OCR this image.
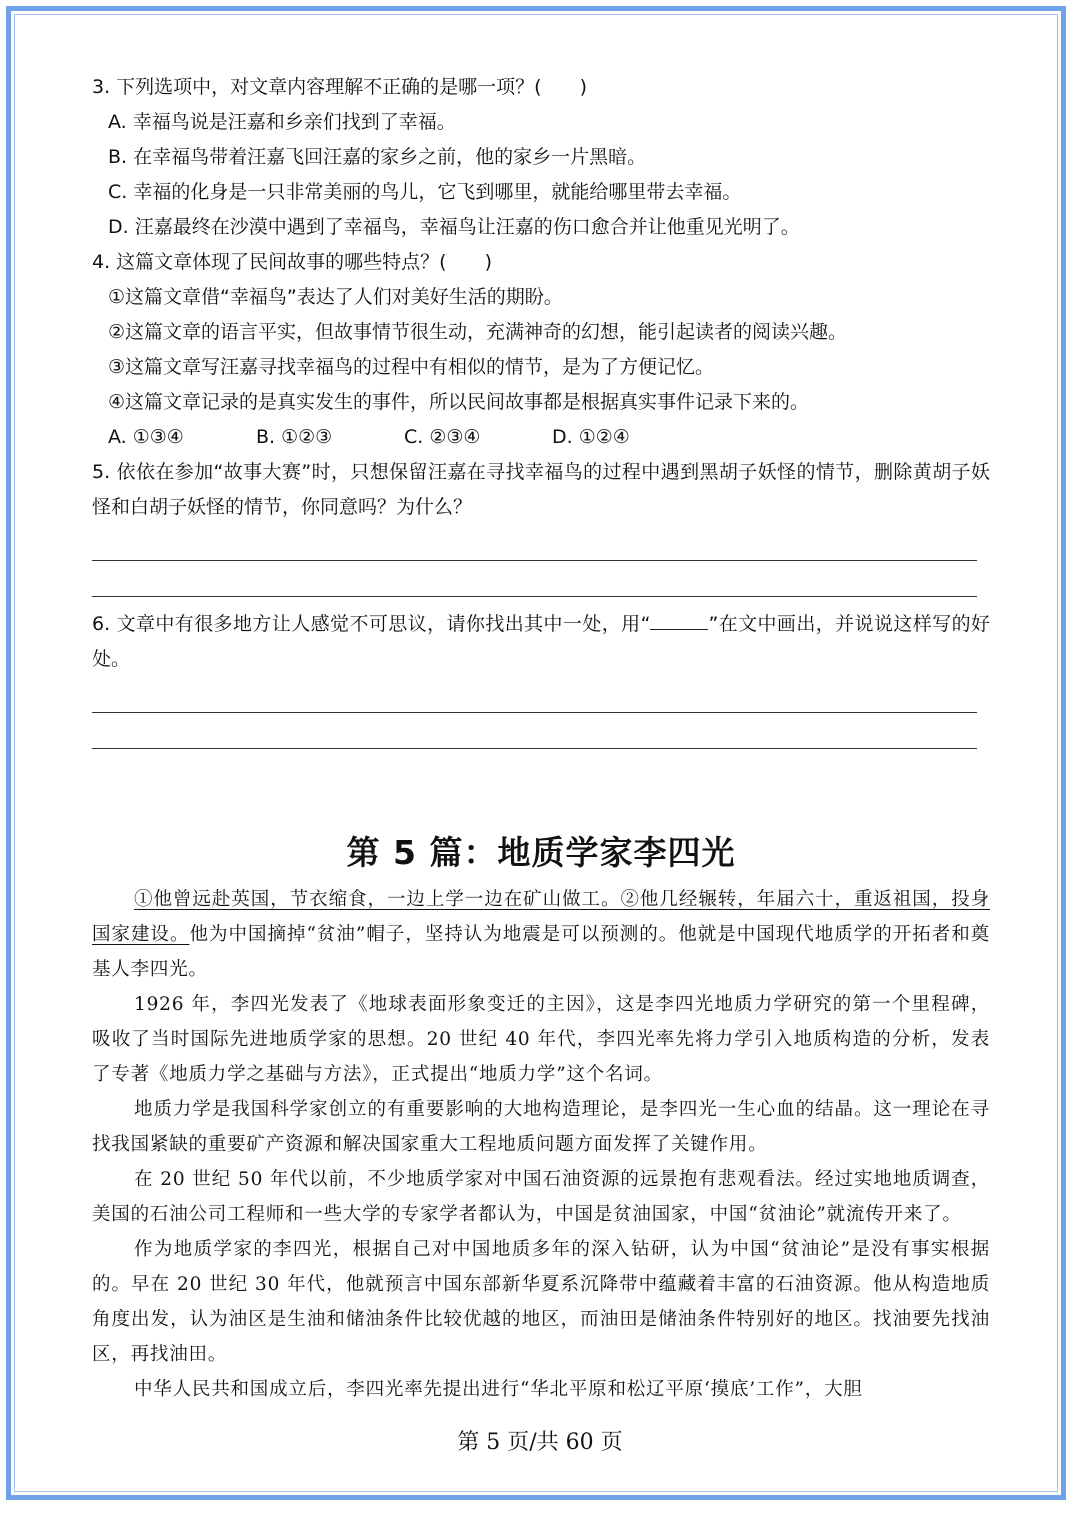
3. 下列选项中，对文章内容理解不正确的是哪一项？(　　)

A. 幸福鸟说是汪嘉和乡亲们找到了幸福。

B. 在幸福鸟带着汪嘉飞回汪嘉的家乡之前，他的家乡一片黑暗。

C. 幸福的化身是一只非常美丽的鸟儿，它飞到哪里，就能给哪里带去幸福。

D. 汪嘉最终在沙漠中遇到了幸福鸟，幸福鸟让汪嘉的伤口愈合并让他重见光明了。

4. 这篇文章体现了民间故事的哪些特点？(　　)

①这篇文章借“幸福鸟”表达了人们对美好生活的期盼。

②这篇文章的语言平实，但故事情节很生动，充满神奇的幻想，能引起读者的阅读兴趣。

③这篇文章写汪嘉寻找幸福鸟的过程中有相似的情节，是为了方便记忆。

④这篇文章记录的是真实发生的事件，所以民间故事都是根据真实事件记录下来的。

A. ①③④	B. ①②③	C. ②③④	D. ①②④

5. 依依在参加“故事大赛”时，只想保留汪嘉在寻找幸福鸟的过程中遇到黑胡子妖怪的情节，删除黄胡子妖怪和白胡子妖怪的情节，你同意吗？为什么？

6. 文章中有很多地方让人感觉不可思议，请你找出其中一处，用“	”在文中画出，并说说这样写的好处。

第 5 篇：地质学家李四光

①他曾远赴英国，节衣缩食，一边上学一边在矿山做工。②他几经辗转，年届六十，重返祖国，投身国家建设。他为中国摘掉“贫油”帽子，坚持认为地震是可以预测的。他就是中国现代地质学的开拓者和奠基人李四光。

1926 年，李四光发表了《地球表面形象变迁的主因》，这是李四光地质力学研究的第一个里程碑，吸收了当时国际先进地质学家的思想。20 世纪 40 年代，李四光率先将力学引入地质构造的分析，发表了专著《地质力学之基础与方法》，正式提出“地质力学”这个名词。

地质力学是我国科学家创立的有重要影响的大地构造理论，是李四光一生心血的结晶。这一理论在寻找我国紧缺的重要矿产资源和解决国家重大工程地质问题方面发挥了关键作用。

在 20 世纪 50 年代以前，不少地质学家对中国石油资源的远景抱有悲观看法。经过实地地质调查，美国的石油公司工程师和一些大学的专家学者都认为，中国是贫油国家，中国“贫油论”就流传开来了。

作为地质学家的李四光，根据自己对中国地质多年的深入钻研，认为中国“贫油论”是没有事实根据的。早在 20 世纪 30 年代，他就预言中国东部新华夏系沉降带中蕴藏着丰富的石油资源。他从构造地质角度出发，认为油区是生油和储油条件比较优越的地区，而油田是储油条件特别好的地区。找油要先找油区，再找油田。

中华人民共和国成立后，李四光率先提出进行“华北平原和松辽平原‘摸底’工作”，大胆

第 5 页/共 60 页
